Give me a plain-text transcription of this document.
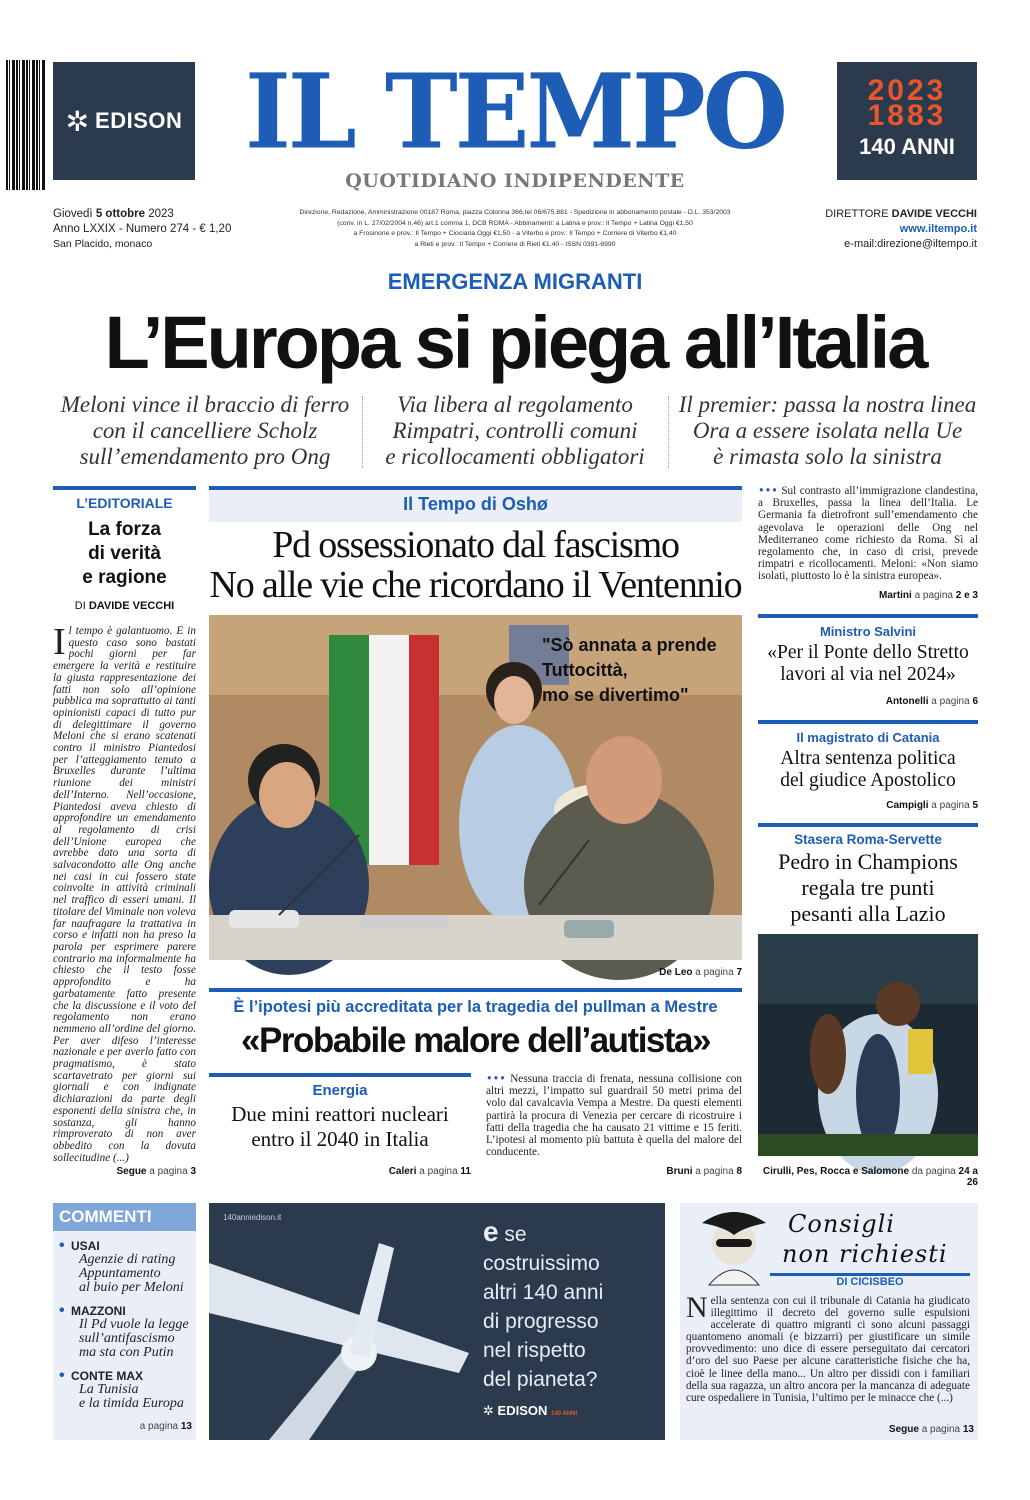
✲ EDISON IL TEMPO
QUOTIDIANO INDIPENDENTE
2023
1883
140 ANNI
Giovedì 5 ottobre 2023
Anno LXXIX - Numero 274 - € 1,20
San Placido, monaco
Direzione, Redazione, Amministrazione 00187 Roma, piazza Colonna 366,tel 06/675.881 - Spedizione in abbonamento postale - D.L. 353/2003
(conv. in L. 27/02/2004 n.46) art.1 comma 1, DCB ROMA - Abbinamenti: a Latina e prov.: Il Tempo + Latina Oggi €1,50
a Frosinone e prov.: Il Tempo + Ciociaria Oggi €1,50 - a Viterbo e prov.: Il Tempo + Corriere di Viterbo €1,40
a Rieti e prov.: Il Tempo + Corriere di Rieti €1,40 - ISSN 0391-6990
DIRETTORE DAVIDE VECCHI
www.iltempo.it
e-mail:direzione@iltempo.it
EMERGENZA MIGRANTI
L’Europa si piega all’Italia
Meloni vince il braccio di ferro
con il cancelliere Scholz
sull’emendamento pro Ong
Via libera al regolamento
Rimpatri, controlli comuni
e ricollocamenti obbligatori
Il premier: passa la nostra linea
Ora a essere isolata nella Ue
è rimasta solo la sinistra
L’EDITORIALE
La forza
di verità
e ragione
DI DAVIDE VECCHI
Il tempo è galantuomo. E in questo caso sono bastati pochi giorni per far emergere la verità e restituire la giusta rappresentazione dei fatti non solo all’opinione pubblica ma soprattutto ai tanti opinionisti capaci di tutto pur di delegittimare il governo Meloni che si erano scatenati contro il ministro Piantedosi per l’atteggiamento tenuto a Bruxelles durante l’ultima riunione dei ministri dell’Interno. Nell’occasione, Piantedosi aveva chiesto di approfondire un emendamento al regolamento di crisi dell’Unione europea che avrebbe dato una sorta di salvacondotto alle Ong anche nei casi in cui fossero state coinvolte in attività criminali nel traffico di esseri umani. Il titolare del Viminale non voleva far naufragare la trattativa in corso e infatti non ha preso la parola per esprimere parere contrario ma informalmente ha chiesto che il testo fosse approfondito e ha garbatamente fatto presente che la discussione e il voto del regolamento non erano nemmeno all’ordine del giorno. Per aver difeso l’interesse nazionale e per averlo fatto con pragmatismo, è stato scartavetrato per giorni sui giornali e con indignate dichiarazioni da parte degli esponenti della sinistra che, in sostanza, gli hanno rimproverato di non aver obbedito con la dovuta sollecitudine (...)
Segue a pagina 3
Il Tempo di Oshø
Pd ossessionato dal fascismo
No alle vie che ricordano il Ventennio
"Sò annata a prende
Tuttocittà,
mo se divertimo"
De Leo a pagina 7
••• Sul contrasto all’immigrazione clandestina, a Bruxelles, passa la linea dell’Italia. Le Germania fa dietrofront sull’emendamento che agevolava le operazioni delle Ong nel Mediterraneo come richiesto da Roma. Sì al regolamento che, in caso di crisi, prevede rimpatri e ricollocamenti. Meloni: «Non siamo isolati, piuttosto lo è la sinistra europea».
Martini a pagina 2 e 3
Ministro Salvini
«Per il Ponte dello Stretto
lavori al via nel 2024»
Antonelli a pagina 6
Il magistrato di Catania
Altra sentenza politica
del giudice Apostolico
Campigli a pagina 5
Stasera Roma-Servette
Pedro in Champions
regala tre punti
pesanti alla Lazio
Cirulli, Pes, Rocca e Salomone da pagina 24 a 26
È l’ipotesi più accreditata per la tragedia del pullman a Mestre
«Probabile malore dell’autista»
Energia
Due mini reattori nucleari
entro il 2040 in Italia
Caleri a pagina 11
••• Nessuna traccia di frenata, nessuna collisione con altri mezzi, l’impatto sul guardrail 50 metri prima del volo dal cavalcavia Vempa a Mestre. Da questi elementi partirà la procura di Venezia per cercare di ricostruire i fatti della tragedia che ha causato 21 vittime e 15 feriti. L’ipotesi al momento più battuta è quella del malore del conducente.
Bruni a pagina 8
COMMENTI
• USAI
Agenzie di rating
Appuntamento
al buio per Meloni
• MAZZONI
Il Pd vuole la legge
sull’antifascismo
ma sta con Putin
• CONTE MAX
La Tunisia
e la timida Europa
a pagina 13
140anniedison.it	e se
costruissimo
altri 140 anni
di progresso
nel rispetto
del pianeta?
✲ EDISON 140 ANNI
Consigli
non richiesti
DI CICISBEO
Nella sentenza con cui il tribunale di Catania ha giudicato illegittimo il decreto del governo sulle espulsioni accelerate di quattro migranti ci sono alcuni passaggi quantomeno anomali (e bizzarri) per giustificare un simile provvedimento: uno dice di essere perseguitato dai cercatori d’oro del suo Paese per alcune caratteristiche fisiche che ha, cioè le linee della mano... Un altro per dissidi con i familiari della sua ragazza, un altro ancora per la mancanza di adeguate cure ospedaliere in Tunisia, l’ultimo per le minacce che (...)
Segue a pagina 13
